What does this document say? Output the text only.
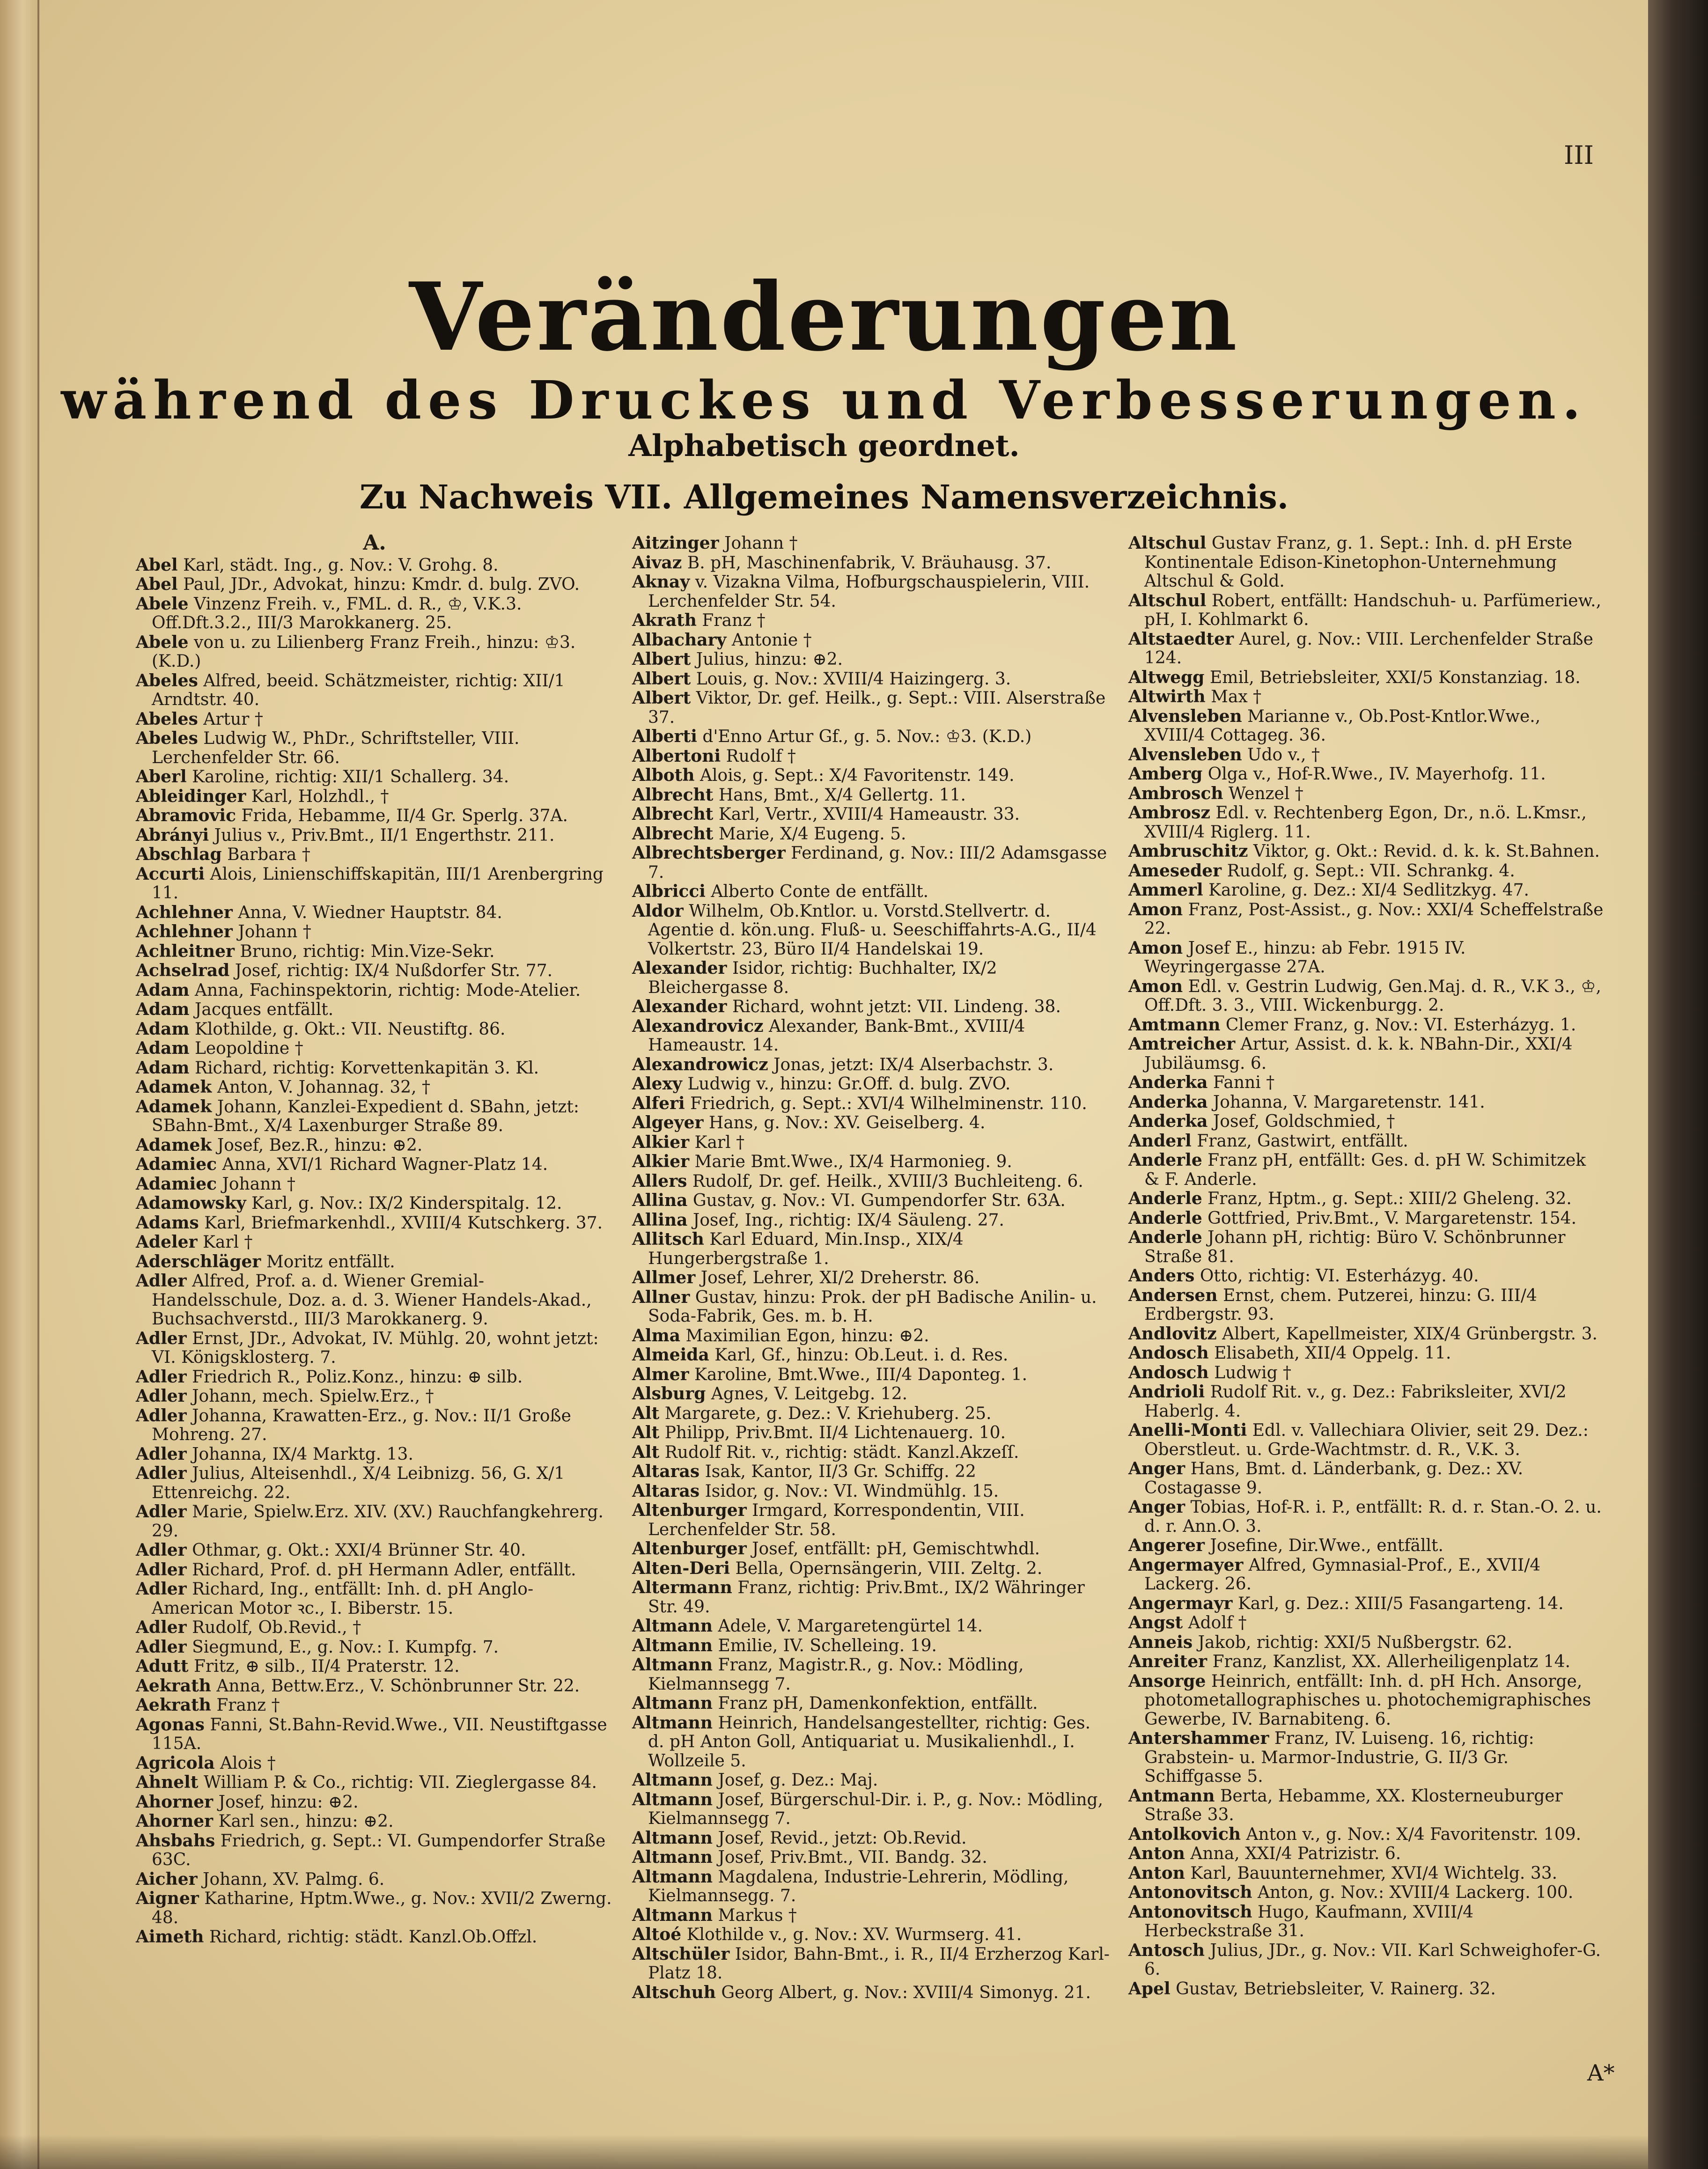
III
Veränderungen
während des Druckes und Verbesserungen.
Alphabetisch geordnet.
Zu Nachweis VII. Allgemeines Namensverzeichnis.
A.
Abel Karl, städt. Ing., g. Nov.: V. Grohg. 8.
Abel Paul, JDr., Advokat, hinzu: Kmdr. d. bulg. ZVO.
Abele Vinzenz Freih. v., FML. d. R., ♔, V.K.3. Off.Dft.3.2., III/3 Marokkanerg. 25.
Abele von u. zu Lilienberg Franz Freih., hinzu: ♔3. (K.D.)
Abeles Alfred, beeid. Schätzmeister, richtig: XII/1 Arndtstr. 40.
Abeles Artur †
Abeles Ludwig W., PhDr., Schriftsteller, VIII. Lerchenfelder Str. 66.
Aberl Karoline, richtig: XII/1 Schallerg. 34.
Ableidinger Karl, Holzhdl., †
Abramovic Frida, Hebamme, II/4 Gr. Sperlg. 37A.
Abrányi Julius v., Priv.Bmt., II/1 Engerthstr. 211.
Abschlag Barbara †
Accurti Alois, Linienschiffskapitän, III/1 Arenbergring 11.
Achlehner Anna, V. Wiedner Hauptstr. 84.
Achlehner Johann †
Achleitner Bruno, richtig: Min.Vize-Sekr.
Achselrad Josef, richtig: IX/4 Nußdorfer Str. 77.
Adam Anna, Fachinspektorin, richtig: Mode-Atelier.
Adam Jacques entfällt.
Adam Klothilde, g. Okt.: VII. Neustiftg. 86.
Adam Leopoldine †
Adam Richard, richtig: Korvettenkapitän 3. Kl.
Adamek Anton, V. Johannag. 32, †
Adamek Johann, Kanzlei-Expedient d. SBahn, jetzt: SBahn-Bmt., X/4 Laxenburger Straße 89.
Adamek Josef, Bez.R., hinzu: ⊕2.
Adamiec Anna, XVI/1 Richard Wagner-Platz 14.
Adamiec Johann †
Adamowsky Karl, g. Nov.: IX/2 Kinderspitalg. 12.
Adams Karl, Briefmarkenhdl., XVIII/4 Kutschkerg. 37.
Adeler Karl †
Aderschläger Moritz entfällt.
Adler Alfred, Prof. a. d. Wiener Gremial-Handelsschule, Doz. a. d. 3. Wiener Handels-Akad., Buchsachverstd., III/3 Marokkanerg. 9.
Adler Ernst, JDr., Advokat, IV. Mühlg. 20, wohnt jetzt: VI. Königsklosterg. 7.
Adler Friedrich R., Poliz.Konz., hinzu: ⊕ silb.
Adler Johann, mech. Spielw.Erz., †
Adler Johanna, Krawatten-Erz., g. Nov.: II/1 Große Mohreng. 27.
Adler Johanna, IX/4 Marktg. 13.
Adler Julius, Alteisenhdl., X/4 Leibnizg. 56, G. X/1 Ettenreichg. 22.
Adler Marie, Spielw.Erz. XIV. (XV.) Rauchfangkehrerg. 29.
Adler Othmar, g. Okt.: XXI/4 Brünner Str. 40.
Adler Richard, Prof. d. pH Hermann Adler, entfällt.
Adler Richard, Ing., entfällt: Inh. d. pH Anglo-American Motor ꝛc., I. Biberstr. 15.
Adler Rudolf, Ob.Revid., †
Adler Siegmund, E., g. Nov.: I. Kumpfg. 7.
Adutt Fritz, ⊕ silb., II/4 Praterstr. 12.
Aekrath Anna, Bettw.Erz., V. Schönbrunner Str. 22.
Aekrath Franz †
Agonas Fanni, St.Bahn-Revid.Wwe., VII. Neustiftgasse 115A.
Agricola Alois †
Ahnelt William P. & Co., richtig: VII. Zieglergasse 84.
Ahorner Josef, hinzu: ⊕2.
Ahorner Karl sen., hinzu: ⊕2.
Ahsbahs Friedrich, g. Sept.: VI. Gumpendorfer Straße 63C.
Aicher Johann, XV. Palmg. 6.
Aigner Katharine, Hptm.Wwe., g. Nov.: XVII/2 Zwerng. 48.
Aimeth Richard, richtig: städt. Kanzl.Ob.Offzl.
Aitzinger Johann †
Aivaz B. pH, Maschinenfabrik, V. Bräuhausg. 37.
Aknay v. Vizakna Vilma, Hofburgschauspielerin, VIII. Lerchenfelder Str. 54.
Akrath Franz †
Albachary Antonie †
Albert Julius, hinzu: ⊕2.
Albert Louis, g. Nov.: XVIII/4 Haizingerg. 3.
Albert Viktor, Dr. gef. Heilk., g. Sept.: VIII. Alserstraße 37.
Alberti d'Enno Artur Gf., g. 5. Nov.: ♔3. (K.D.)
Albertoni Rudolf †
Alboth Alois, g. Sept.: X/4 Favoritenstr. 149.
Albrecht Hans, Bmt., X/4 Gellertg. 11.
Albrecht Karl, Vertr., XVIII/4 Hameaustr. 33.
Albrecht Marie, X/4 Eugeng. 5.
Albrechtsberger Ferdinand, g. Nov.: III/2 Adamsgasse 7.
Albricci Alberto Conte de entfällt.
Aldor Wilhelm, Ob.Kntlor. u. Vorstd.Stellvertr. d. Agentie d. kön.ung. Fluß- u. Seeschiffahrts-A.G., II/4 Volkertstr. 23, Büro II/4 Handelskai 19.
Alexander Isidor, richtig: Buchhalter, IX/2 Bleichergasse 8.
Alexander Richard, wohnt jetzt: VII. Lindeng. 38.
Alexandrovicz Alexander, Bank-Bmt., XVIII/4 Hameaustr. 14.
Alexandrowicz Jonas, jetzt: IX/4 Alserbachstr. 3.
Alexy Ludwig v., hinzu: Gr.Off. d. bulg. ZVO.
Alferi Friedrich, g. Sept.: XVI/4 Wilhelminenstr. 110.
Algeyer Hans, g. Nov.: XV. Geiselberg. 4.
Alkier Karl †
Alkier Marie Bmt.Wwe., IX/4 Harmonieg. 9.
Allers Rudolf, Dr. gef. Heilk., XVIII/3 Buchleiteng. 6.
Allina Gustav, g. Nov.: VI. Gumpendorfer Str. 63A.
Allina Josef, Ing., richtig: IX/4 Säuleng. 27.
Allitsch Karl Eduard, Min.Insp., XIX/4 Hungerbergstraße 1.
Allmer Josef, Lehrer, XI/2 Dreherstr. 86.
Allner Gustav, hinzu: Prok. der pH Badische Anilin- u. Soda-Fabrik, Ges. m. b. H.
Alma Maximilian Egon, hinzu: ⊕2.
Almeida Karl, Gf., hinzu: Ob.Leut. i. d. Res.
Almer Karoline, Bmt.Wwe., III/4 Daponteg. 1.
Alsburg Agnes, V. Leitgebg. 12.
Alt Margarete, g. Dez.: V. Kriehuberg. 25.
Alt Philipp, Priv.Bmt. II/4 Lichtenauerg. 10.
Alt Rudolf Rit. v., richtig: städt. Kanzl.Akzeſſ.
Altaras Isak, Kantor, II/3 Gr. Schiffg. 22
Altaras Isidor, g. Nov.: VI. Windmühlg. 15.
Altenburger Irmgard, Korrespondentin, VIII. Lerchenfelder Str. 58.
Altenburger Josef, entfällt: pH, Gemischtwhdl.
Alten-Deri Bella, Opernsängerin, VIII. Zeltg. 2.
Altermann Franz, richtig: Priv.Bmt., IX/2 Währinger Str. 49.
Altmann Adele, V. Margaretengürtel 14.
Altmann Emilie, IV. Schelleing. 19.
Altmann Franz, Magistr.R., g. Nov.: Mödling, Kielmannsegg 7.
Altmann Franz pH, Damenkonfektion, entfällt.
Altmann Heinrich, Handelsangestellter, richtig: Ges. d. pH Anton Goll, Antiquariat u. Musikalienhdl., I. Wollzeile 5.
Altmann Josef, g. Dez.: Maj.
Altmann Josef, Bürgerschul-Dir. i. P., g. Nov.: Mödling, Kielmannsegg 7.
Altmann Josef, Revid., jetzt: Ob.Revid.
Altmann Josef, Priv.Bmt., VII. Bandg. 32.
Altmann Magdalena, Industrie-Lehrerin, Mödling, Kielmannsegg. 7.
Altmann Markus †
Altoé Klothilde v., g. Nov.: XV. Wurmserg. 41.
Altschüler Isidor, Bahn-Bmt., i. R., II/4 Erzherzog Karl-Platz 18.
Altschuh Georg Albert, g. Nov.: XVIII/4 Simonyg. 21.
Altschul Gustav Franz, g. 1. Sept.: Inh. d. pH Erste Kontinentale Edison-Kinetophon-Unternehmung Altschul & Gold.
Altschul Robert, entfällt: Handschuh- u. Parfümeriew., pH, I. Kohlmarkt 6.
Altstaedter Aurel, g. Nov.: VIII. Lerchenfelder Straße 124.
Altwegg Emil, Betriebsleiter, XXI/5 Konstanziag. 18.
Altwirth Max †
Alvensleben Marianne v., Ob.Post-Kntlor.Wwe., XVIII/4 Cottageg. 36.
Alvensleben Udo v., †
Amberg Olga v., Hof-R.Wwe., IV. Mayerhofg. 11.
Ambrosch Wenzel †
Ambrosz Edl. v. Rechtenberg Egon, Dr., n.ö. L.Kmsr., XVIII/4 Riglerg. 11.
Ambruschitz Viktor, g. Okt.: Revid. d. k. k. St.Bahnen.
Ameseder Rudolf, g. Sept.: VII. Schrankg. 4.
Ammerl Karoline, g. Dez.: XI/4 Sedlitzkyg. 47.
Amon Franz, Post-Assist., g. Nov.: XXI/4 Scheffelstraße 22.
Amon Josef E., hinzu: ab Febr. 1915 IV. Weyringergasse 27A.
Amon Edl. v. Gestrin Ludwig, Gen.Maj. d. R., V.K 3., ♔, Off.Dft. 3. 3., VIII. Wickenburgg. 2.
Amtmann Clemer Franz, g. Nov.: VI. Esterházyg. 1.
Amtreicher Artur, Assist. d. k. k. NBahn-Dir., XXI/4 Jubiläumsg. 6.
Anderka Fanni †
Anderka Johanna, V. Margaretenstr. 141.
Anderka Josef, Goldschmied, †
Anderl Franz, Gastwirt, entfällt.
Anderle Franz pH, entfällt: Ges. d. pH W. Schimitzek & F. Anderle.
Anderle Franz, Hptm., g. Sept.: XIII/2 Gheleng. 32.
Anderle Gottfried, Priv.Bmt., V. Margaretenstr. 154.
Anderle Johann pH, richtig: Büro V. Schönbrunner Straße 81.
Anders Otto, richtig: VI. Esterházyg. 40.
Andersen Ernst, chem. Putzerei, hinzu: G. III/4 Erdbergstr. 93.
Andlovitz Albert, Kapellmeister, XIX/4 Grünbergstr. 3.
Andosch Elisabeth, XII/4 Oppelg. 11.
Andosch Ludwig †
Andrioli Rudolf Rit. v., g. Dez.: Fabriksleiter, XVI/2 Haberlg. 4.
Anelli-Monti Edl. v. Vallechiara Olivier, seit 29. Dez.: Oberstleut. u. Grde-Wachtmstr. d. R., V.K. 3.
Anger Hans, Bmt. d. Länderbank, g. Dez.: XV. Costagasse 9.
Anger Tobias, Hof-R. i. P., entfällt: R. d. r. Stan.-O. 2. u. d. r. Ann.O. 3.
Angerer Josefine, Dir.Wwe., entfällt.
Angermayer Alfred, Gymnasial-Prof., E., XVII/4 Lackerg. 26.
Angermayr Karl, g. Dez.: XIII/5 Fasangarteng. 14.
Angst Adolf †
Anneis Jakob, richtig: XXI/5 Nußbergstr. 62.
Anreiter Franz, Kanzlist, XX. Allerheiligenplatz 14.
Ansorge Heinrich, entfällt: Inh. d. pH Hch. Ansorge, photometallographisches u. photochemigraphisches Gewerbe, IV. Barnabiteng. 6.
Antershammer Franz, IV. Luiseng. 16, richtig: Grabstein- u. Marmor-Industrie, G. II/3 Gr. Schiffgasse 5.
Antmann Berta, Hebamme, XX. Klosterneuburger Straße 33.
Antolkovich Anton v., g. Nov.: X/4 Favoritenstr. 109.
Anton Anna, XXI/4 Patrizistr. 6.
Anton Karl, Bauunternehmer, XVI/4 Wichtelg. 33.
Antonovitsch Anton, g. Nov.: XVIII/4 Lackerg. 100.
Antonovitsch Hugo, Kaufmann, XVIII/4 Herbeckstraße 31.
Antosch Julius, JDr., g. Nov.: VII. Karl Schweighofer-G. 6.
Apel Gustav, Betriebsleiter, V. Rainerg. 32.
A*
